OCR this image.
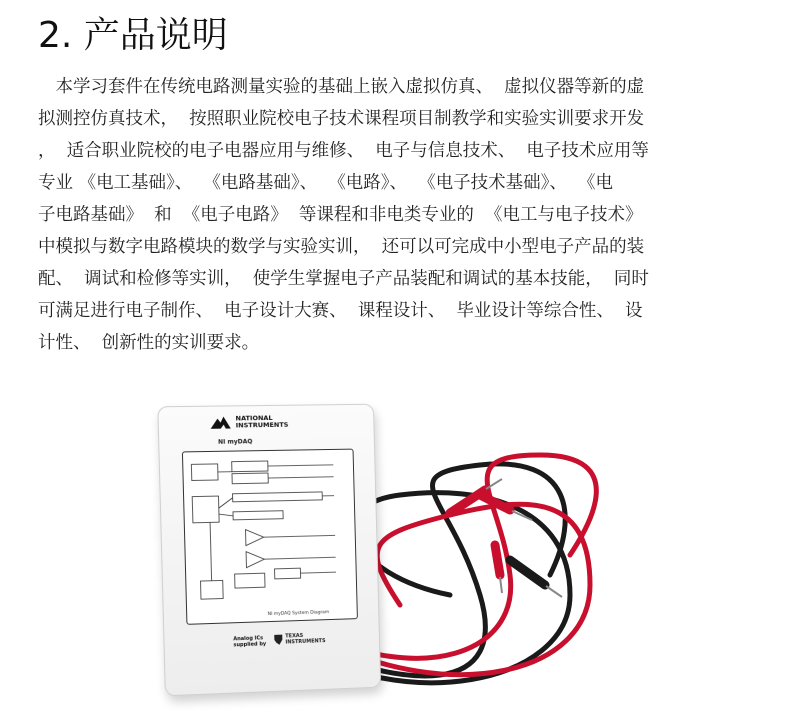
2. 产品说明
　本学习套件在传统电路测量实验的基础上嵌入虚拟仿真、  虚拟仪器等新的虚
拟测控仿真技术，  按照职业院校电子技术课程项目制教学和实验实训要求开发
，  适合职业院校的电子电器应用与维修、  电子与信息技术、  电子技术应用等
专业 《电工基础》、  《电路基础》、  《电路》、  《电子技术基础》、  《电
子电路基础》  和  《电子电路》  等课程和非电类专业的  《电工与电子技术》
中模拟与数字电路模块的数学与实验实训，  还可以可完成中小型电子产品的装
配、  调试和检修等实训，  使学生掌握电子产品装配和调试的基本技能，  同时
可满足进行电子制作、  电子设计大赛、  课程设计、  毕业设计等综合性、  设
计性、  创新性的实训要求。
NATIONAL INSTRUMENTS
NI myDAQ
NI myDAQ System Diagram
Analog ICs
supplied by
TEXAS INSTRUMENTS
